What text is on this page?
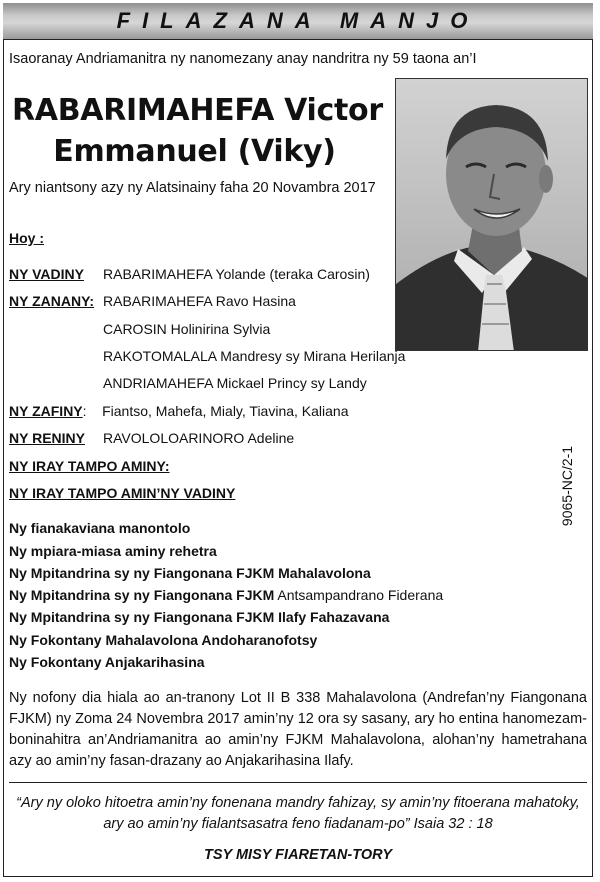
FILAZANA MANJO
Isaoranay Andriamanitra ny nanomezany anay nandritra ny 59 taona an’I
RABARIMAHEFA Victor
Emmanuel (Viky)
Ary niantsony azy ny Alatsinainy faha 20 Novambra 2017
Hoy :
NY VADINY RABARIMAHEFA Yolande (teraka Carosin)
NY ZANANY: RABARIMAHEFA Ravo Hasina
CAROSIN Holinirina Sylvia
RAKOTOMALALA Mandresy sy Mirana Herilanja
ANDRIAMAHEFA Mickael Princy sy Landy
NY ZAFINY:    Fiantso, Mahefa, Mialy, Tiavina, Kaliana
NY RENINY RAVOLOLOARINORO Adeline
NY IRAY TAMPO AMINY:
NY IRAY TAMPO AMIN’NY VADINY	9065-NC/2-1
Ny fianakaviana manontolo
Ny mpiara-miasa aminy rehetra
Ny Mpitandrina sy ny Fiangonana FJKM Mahalavolona
Ny Mpitandrina sy ny Fiangonana FJKM Antsampandrano Fiderana
Ny Mpitandrina sy ny Fiangonana FJKM Ilafy Fahazavana
Ny Fokontany Mahalavolona Andoharanofotsy
Ny Fokontany Anjakarihasina
Ny nofony dia hiala ao an-tranony Lot II B 338 Mahalavolona (Andrefan’ny Fiangonana FJKM) ny Zoma 24 Novembra 2017 amin’ny 12 ora sy sasany, ary ho entina hanomezam-boninahitra an’Andriamanitra ao amin’ny FJKM Mahalavolona, alohan’ny hametrahana azy ao amin’ny fasan-drazany ao Anjakarihasina Ilafy.
“Ary ny oloko hitoetra amin’ny fonenana mandry fahizay, sy amin’ny fitoerana mahatoky,
ary ao amin’ny fialantsasatra feno fiadanam-po” Isaia 32 : 18
TSY MISY FIARETAN-TORY
